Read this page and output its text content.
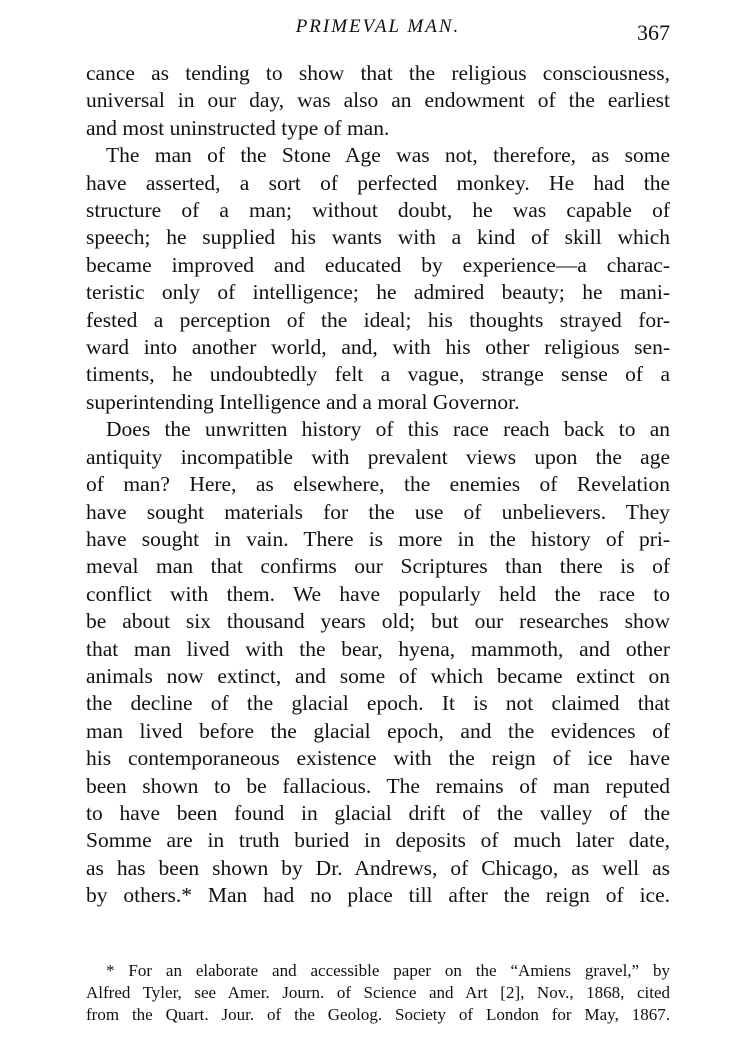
PRIMEVAL MAN.	367
cance as tending to show that the religious consciousness,
universal in our day, was also an endowment of the earliest
and most uninstructed type of man.
The man of the Stone Age was not, therefore, as some
have asserted, a sort of perfected monkey. He had the
structure of a man; without doubt, he was capable of
speech; he supplied his wants with a kind of skill which
became improved and educated by experience—a charac-
teristic only of intelligence; he admired beauty; he mani-
fested a perception of the ideal; his thoughts strayed for-
ward into another world, and, with his other religious sen-
timents, he undoubtedly felt a vague, strange sense of a
superintending Intelligence and a moral Governor.
Does the unwritten history of this race reach back to an
antiquity incompatible with prevalent views upon the age
of man? Here, as elsewhere, the enemies of Revelation
have sought materials for the use of unbelievers. They
have sought in vain. There is more in the history of pri-
meval man that confirms our Scriptures than there is of
conflict with them. We have popularly held the race to
be about six thousand years old; but our researches show
that man lived with the bear, hyena, mammoth, and other
animals now extinct, and some of which became extinct on
the decline of the glacial epoch. It is not claimed that
man lived before the glacial epoch, and the evidences of
his contemporaneous existence with the reign of ice have
been shown to be fallacious. The remains of man reputed
to have been found in glacial drift of the valley of the
Somme are in truth buried in deposits of much later date,
as has been shown by Dr. Andrews, of Chicago, as well as
by others.* Man had no place till after the reign of ice.
* For an elaborate and accessible paper on the “Amiens gravel,” by
Alfred Tyler, see Amer. Journ. of Science and Art [2], Nov., 1868, cited
from the Quart. Jour. of the Geolog. Society of London for May, 1867.
